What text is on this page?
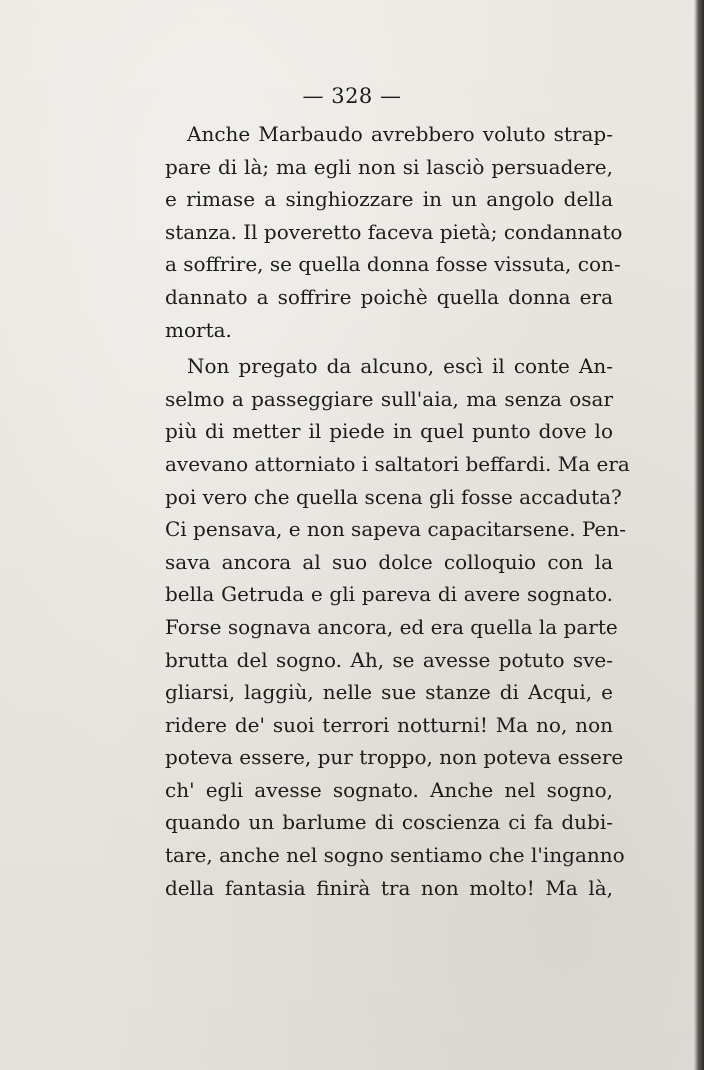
— 328 —
Anche Marbaudo avrebbero voluto strap-
pare di là; ma egli non si lasciò persuadere,
e rimase a singhiozzare in un angolo della
stanza. Il poveretto faceva pietà; condannato
a soffrire, se quella donna fosse vissuta, con-
dannato a soffrire poichè quella donna era
morta.
Non pregato da alcuno, escì il conte An-
selmo a passeggiare sull'aia, ma senza osar
più di metter il piede in quel punto dove lo
avevano attorniato i saltatori beffardi. Ma era
poi vero che quella scena gli fosse accaduta?
Ci pensava, e non sapeva capacitarsene. Pen-
sava ancora al suo dolce colloquio con la
bella Getruda e gli pareva di avere sognato.
Forse sognava ancora, ed era quella la parte
brutta del sogno. Ah, se avesse potuto sve-
gliarsi, laggiù, nelle sue stanze di Acqui, e
ridere de' suoi terrori notturni! Ma no, non
poteva essere, pur troppo, non poteva essere
ch' egli avesse sognato. Anche nel sogno,
quando un barlume di coscienza ci fa dubi-
tare, anche nel sogno sentiamo che l'inganno
della fantasia finirà tra non molto! Ma là,
